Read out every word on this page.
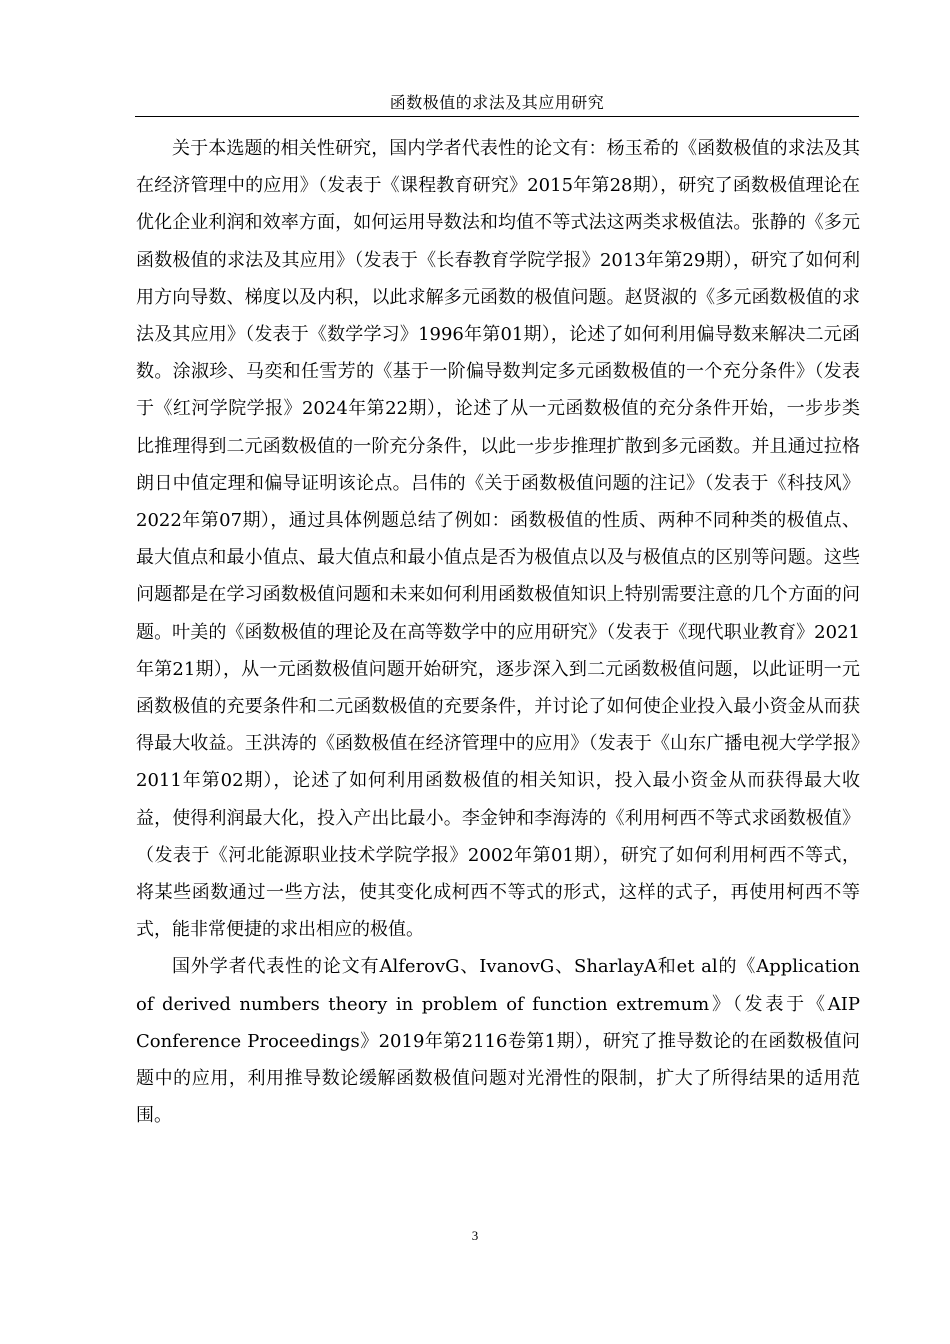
函数极值的求法及其应用研究

关于本选题的相关性研究，国内学者代表性的论文有：杨玉希的《函数极值的求法及其在经济管理中的应用》（发表于《课程教育研究》2015年第28期），研究了函数极值理论在优化企业利润和效率方面，如何运用导数法和均值不等式法这两类求极值法。张静的《多元函数极值的求法及其应用》（发表于《长春教育学院学报》2013年第29期），研究了如何利用方向导数、梯度以及内积，以此求解多元函数的极值问题。赵贤淑的《多元函数极值的求法及其应用》（发表于《数学学习》1996年第01期），论述了如何利用偏导数来解决二元函数。涂淑珍、马奕和任雪芳的《基于一阶偏导数判定多元函数极值的一个充分条件》（发表于《红河学院学报》2024年第22期），论述了从一元函数极值的充分条件开始，一步步类比推理得到二元函数极值的一阶充分条件，以此一步步推理扩散到多元函数。并且通过拉格朗日中值定理和偏导证明该论点。吕伟的《关于函数极值问题的注记》（发表于《科技风》2022年第07期），通过具体例题总结了例如：函数极值的性质、两种不同种类的极值点、最大值点和最小值点、最大值点和最小值点是否为极值点以及与极值点的区别等问题。这些问题都是在学习函数极值问题和未来如何利用函数极值知识上特别需要注意的几个方面的问题。叶美的《函数极值的理论及在高等数学中的应用研究》（发表于《现代职业教育》2021年第21期），从一元函数极值问题开始研究，逐步深入到二元函数极值问题，以此证明一元函数极值的充要条件和二元函数极值的充要条件，并讨论了如何使企业投入最小资金从而获得最大收益。王洪涛的《函数极值在经济管理中的应用》（发表于《山东广播电视大学学报》2011年第02期），论述了如何利用函数极值的相关知识，投入最小资金从而获得最大收益，使得利润最大化，投入产出比最小。李金钟和李海涛的《利用柯西不等式求函数极值》（发表于《河北能源职业技术学院学报》2002年第01期），研究了如何利用柯西不等式，将某些函数通过一些方法，使其变化成柯西不等式的形式，这样的式子，再使用柯西不等式，能非常便捷的求出相应的极值。

国外学者代表性的论文有AlferovG、IvanovG、SharlayA和et al的《Application of derived numbers theory in problem of function extremum》（发表于《AIP Conference Proceedings》2019年第2116卷第1期），研究了推导数论的在函数极值问题中的应用，利用推导数论缓解函数极值问题对光滑性的限制，扩大了所得结果的适用范围。

3
